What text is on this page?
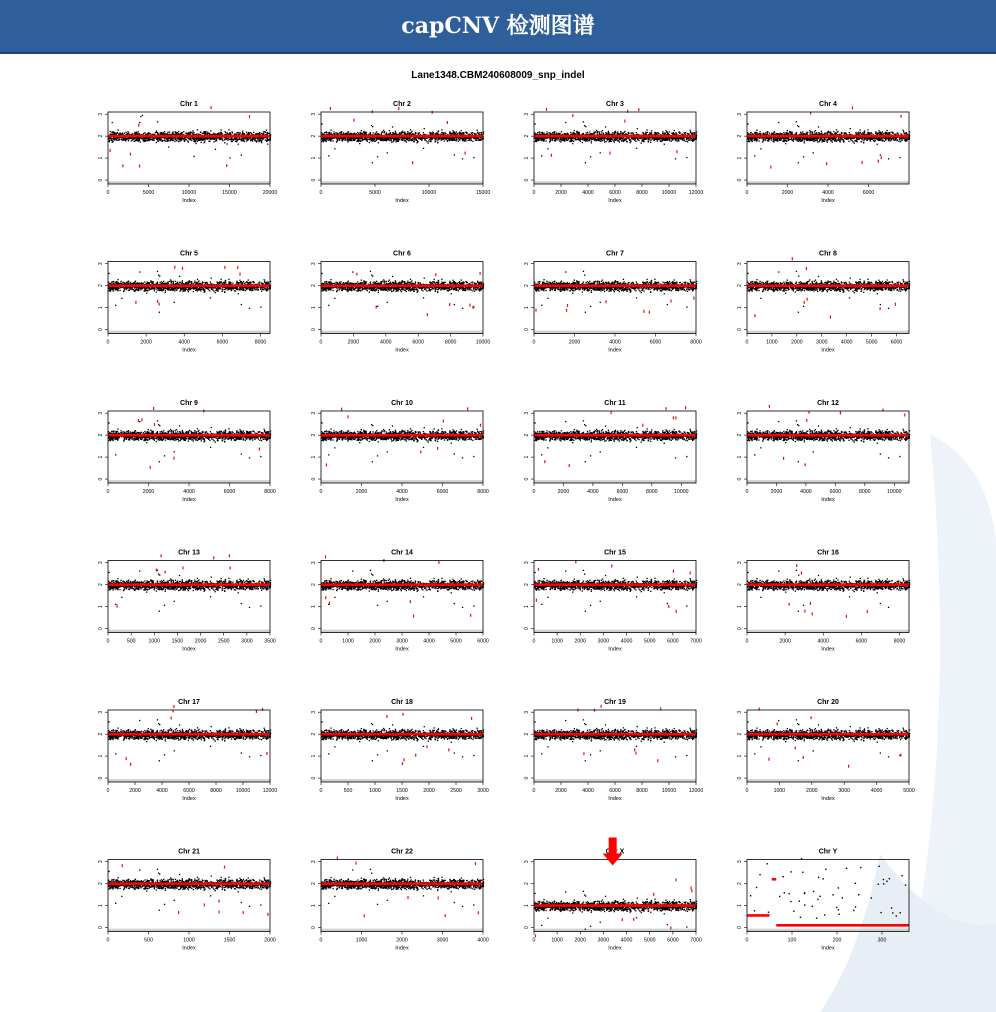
capCNV 检测图谱
Lane1348.CBM240608009_snp_indel
Chr 1
0
1
2
3
0	5000	10000	15000	20000
Index
Chr 2
0
1
2
3
0	5000	10000	15000
Index
Chr 3
0
1
2
3
0	2000	4000	6000	8000	10000 12000
Index
Chr 4
0
1
2
3
0	2000	4000	6000
Index
Chr 5
0
1
2
3
0	2000	4000	6000	8000
Index
Chr 6
0
1
2
3
0	2000	4000	6000	8000	10000
Index
Chr 7
0
1
2
3
0	2000	4000	6000	8000
Index
Chr 8
0
1
2
3
0	1000	2000	3000	4000	5000	6000
Index
Chr 9
0
1
2
3
0	2000	4000	6000	8000
Index
Chr 10
0
1
2
3
0	2000	4000	6000	8000
Index
Chr 11
0
1
2
3
0	2000	4000	6000	8000	10000
Index
Chr 12
0
1
2
3
0	2000	4000	6000	8000	10000
Index
Chr 13
0
1
2
3
0	500	1000 1500 2000 2500 3000 3500
Index
Chr 14
0
1
2
3
0	1000	2000	3000	4000	5000	6000
Index
Chr 15
0
1
2
3
0	1000 2000 3000 4000 5000 6000 7000
Index
Chr 16
0
1
2
3
0	2000	4000	6000	8000
Index
Chr 17
0
1
2
3
0	2000	4000	6000	8000	10000 12000
Index
Chr 18
0
1
2
3
0	500	1000	1500	2000	2500	3000
Index
Chr 19
0
1
2
3
0	2000	4000	6000	8000	10000 12000
Index
Chr 20
0
1
2
3
0	1000	2000	3000	4000	5000
Index
Chr 21
0
1
2
3
0	500	1000	1500	2000
Index
Chr 22
0
1
2
3
0	1000	2000	3000	4000
Index
X
0
1
2
3
0	1000 2000 3000 4000 5000 6000 7000
Index
Chr Y
0
1
2
3
0	100	200	300
Index
